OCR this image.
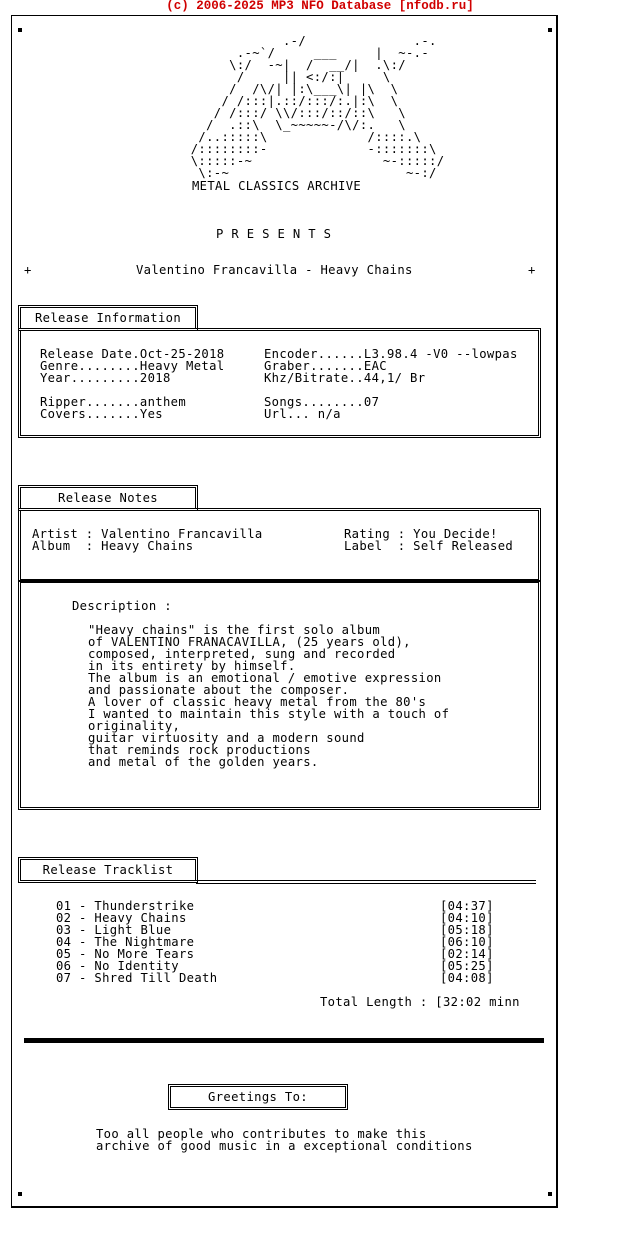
(c) 2006-2025 MP3 NFO Database [nfodb.ru]
.-/              .-.
.-~`/     ___     |  ~-.-
\:/  -~|  /  __/|  .\:/
/     || <:/:|     \
/  /\/| |:\___\| |\  \
/ /:::|.::/:::/:.|:\  \
/ /:::/ \\/:::/::/::\   \
/  .::\  \_~~~~~-/\/:.   \
/..:::::\             /::::.\
/::::::::-             -:::::::\
\:::::-~                 ~-:::::/
\:-~                       ~-:/
METAL CLASSICS ARCHIVE
P R E S E N T S
+	Valentino Francavilla - Heavy Chains	+
Release Information
Release Date.Oct-25-2018
Genre........Heavy Metal
Year.........2018

Ripper.......anthem
Covers.......Yes
Encoder......L3.98.4 -V0 --lowpas
Graber.......EAC
Khz/Bitrate..44,1/ Br

Songs........07
Url... n/a
Release Notes
Artist : Valentino Francavilla
Album  : Heavy Chains
Rating : You Decide!
Label  : Self Released
Description :
"Heavy chains" is the first solo album
of VALENTINO FRANACAVILLA, (25 years old),
composed, interpreted, sung and recorded
in its entirety by himself.
The album is an emotional / emotive expression
and passionate about the composer.
A lover of classic heavy metal from the 80's
I wanted to maintain this style with a touch of
originality,
guitar virtuosity and a modern sound
that reminds rock productions
and metal of the golden years.
Release Tracklist
01 - Thunderstrike
02 - Heavy Chains
03 - Light Blue
04 - The Nightmare
05 - No More Tears
06 - No Identity
07 - Shred Till Death
[04:37]
[04:10]
[05:18]
[06:10]
[02:14]
[05:25]
[04:08]
Total Length : [32:02 minn
Greetings To:
Too all people who contributes to make this
archive of good music in a exceptional conditions
